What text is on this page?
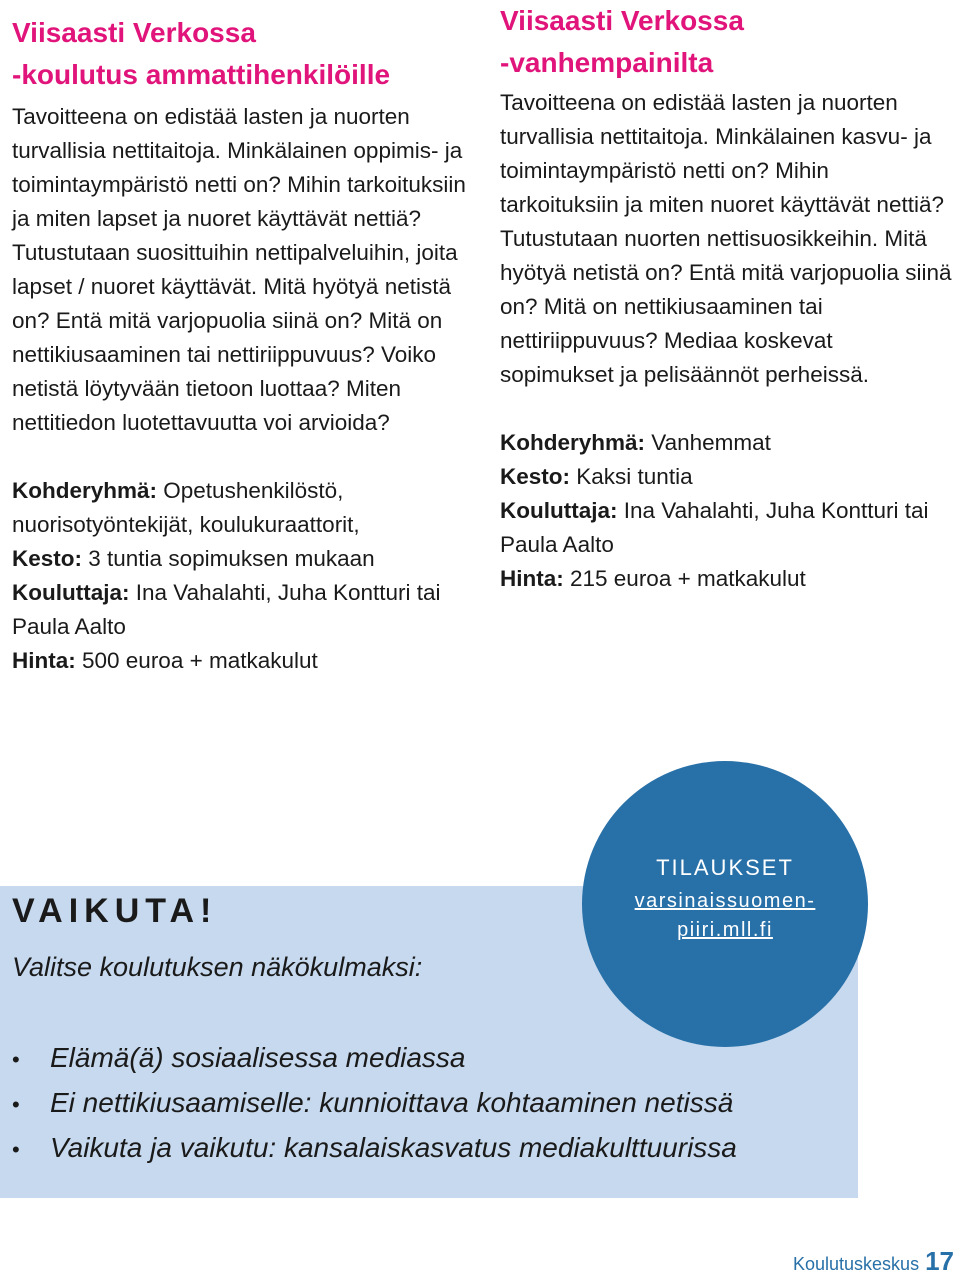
Viisaasti Verkossa
-koulutus ammattihenkilöille

Tavoitteena on edistää lasten ja nuorten turvallisia nettitaitoja. Minkälainen oppimis- ja toimintaympäristö netti on? Mihin tarkoituksiin ja miten lapset ja nuoret käyttävät nettiä? Tutustutaan suosittuihin nettipalveluihin, joita lapset / nuoret käyttävät. Mitä hyötyä netistä on? Entä mitä varjopuolia siinä on? Mitä on nettikiusaaminen tai nettiriippuvuus? Voiko netistä löytyvään tietoon luottaa? Miten nettitiedon luotettavuutta voi arvioida?

Kohderyhmä: Opetushenkilöstö, nuorisotyöntekijät, koulukuraattorit,
Kesto: 3 tuntia sopimuksen mukaan
Kouluttaja: Ina Vahalahti, Juha Kontturi tai Paula Aalto
Hinta: 500 euroa + matkakulut
Viisaasti Verkossa
-vanhempainilta

Tavoitteena on edistää lasten ja nuorten turvallisia nettitaitoja. Minkälainen kasvu- ja toimintaympäristö netti on? Mihin tarkoituksiin ja miten nuoret käyttävät nettiä? Tutustutaan nuorten nettisuosikkeihin. Mitä hyötyä netistä on? Entä mitä varjopuolia siinä on? Mitä on nettikiusaaminen tai nettiriippuvuus? Mediaa koskevat sopimukset ja pelisäännöt perheissä.

Kohderyhmä: Vanhemmat
Kesto: Kaksi tuntia
Kouluttaja: Ina Vahalahti, Juha Kontturi tai Paula Aalto
Hinta: 215 euroa + matkakulut
VAIKUTA!

Valitse koulutuksen näkökulmaksi:

• Elämä(ä) sosiaalisessa mediassa
• Ei nettikiusaamiselle: kunnioittava kohtaaminen netissä
• Vaikuta ja vaikutu: kansalaiskasvatus mediakulttuurissa
TILAUKSET
varsinaissuomen-
piiri.mll.fi
Koulutuskeskus 17
